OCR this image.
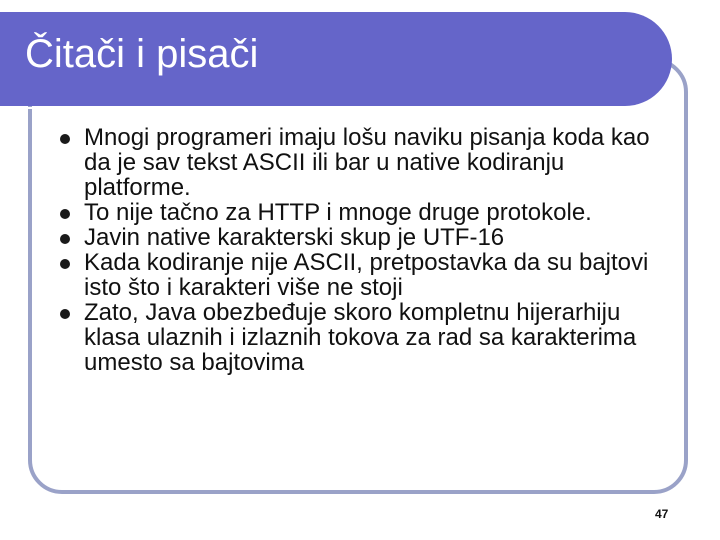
Čitači i pisači
Mnogi programeri imaju lošu naviku pisanja koda kao da je sav tekst ASCII ili bar u native kodiranju platforme.
To nije tačno za HTTP i mnoge druge protokole.
Javin native karakterski skup je UTF-16
Kada kodiranje nije ASCII, pretpostavka da su bajtovi isto što i karakteri više ne stoji
Zato, Java obezbeđuje skoro kompletnu hijerarhiju klasa ulaznih i izlaznih tokova za rad sa karakterima umesto sa bajtovima
47
